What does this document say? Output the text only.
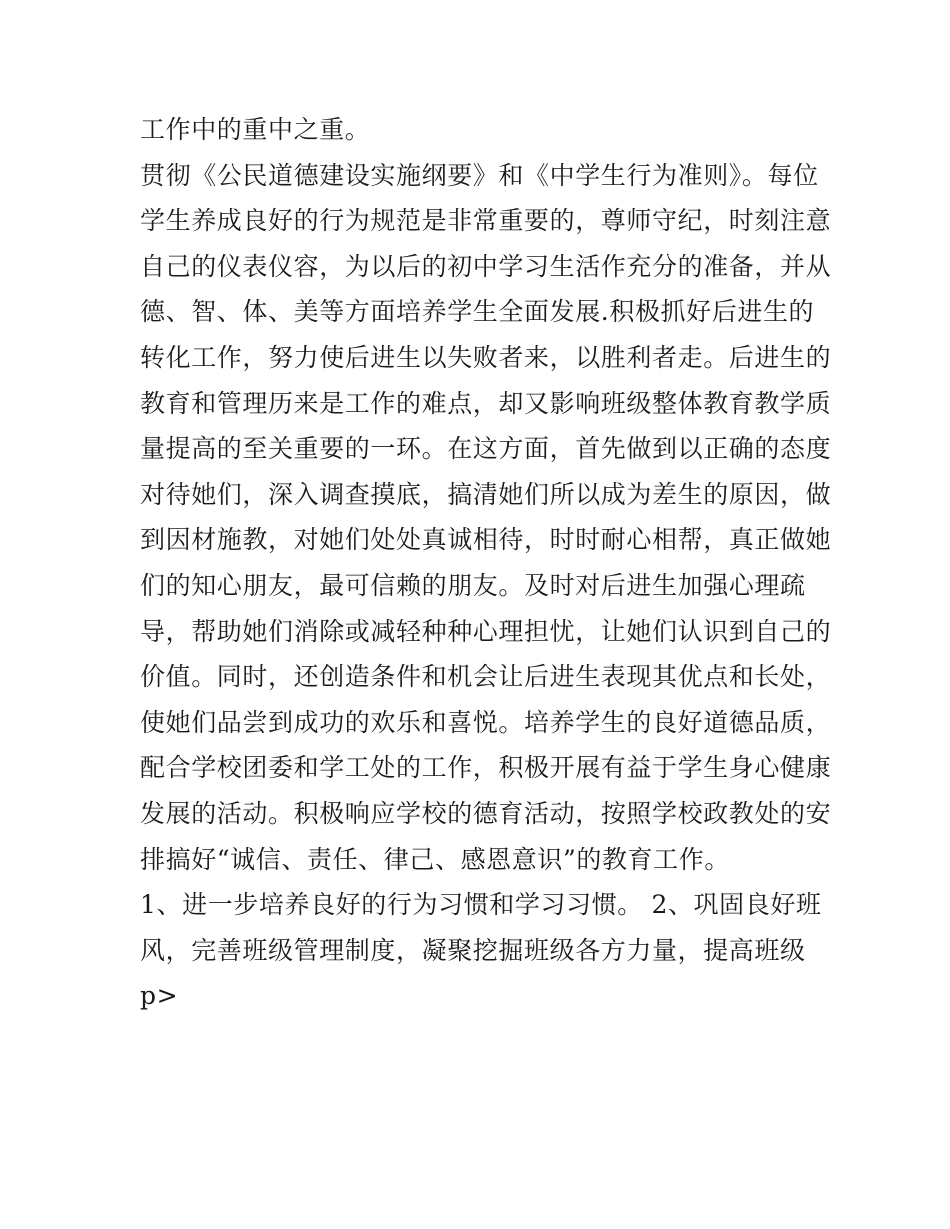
工作中的重中之重。
贯彻《公民道德建设实施纲要》和《中学生行为准则》。每位
学生养成良好的行为规范是非常重要的，尊师守纪，时刻注意
自己的仪表仪容，为以后的初中学习生活作充分的准备，并从
德、智、体、美等方面培养学生全面发展.积极抓好后进生的
转化工作，努力使后进生以失败者来，以胜利者走。后进生的
教育和管理历来是工作的难点，却又影响班级整体教育教学质
量提高的至关重要的一环。在这方面，首先做到以正确的态度
对待她们，深入调查摸底，搞清她们所以成为差生的原因，做
到因材施教，对她们处处真诚相待，时时耐心相帮，真正做她
们的知心朋友，最可信赖的朋友。及时对后进生加强心理疏
导，帮助她们消除或减轻种种心理担忧，让她们认识到自己的
价值。同时，还创造条件和机会让后进生表现其优点和长处，
使她们品尝到成功的欢乐和喜悦。培养学生的良好道德品质，
配合学校团委和学工处的工作，积极开展有益于学生身心健康
发展的活动。积极响应学校的德育活动，按照学校政教处的安
排搞好“诚信、责任、律己、感恩意识”的教育工作。
1、进一步培养良好的行为习惯和学习习惯。 2、巩固良好班
风，完善班级管理制度，凝聚挖掘班级各方力量，提高班级
p>
